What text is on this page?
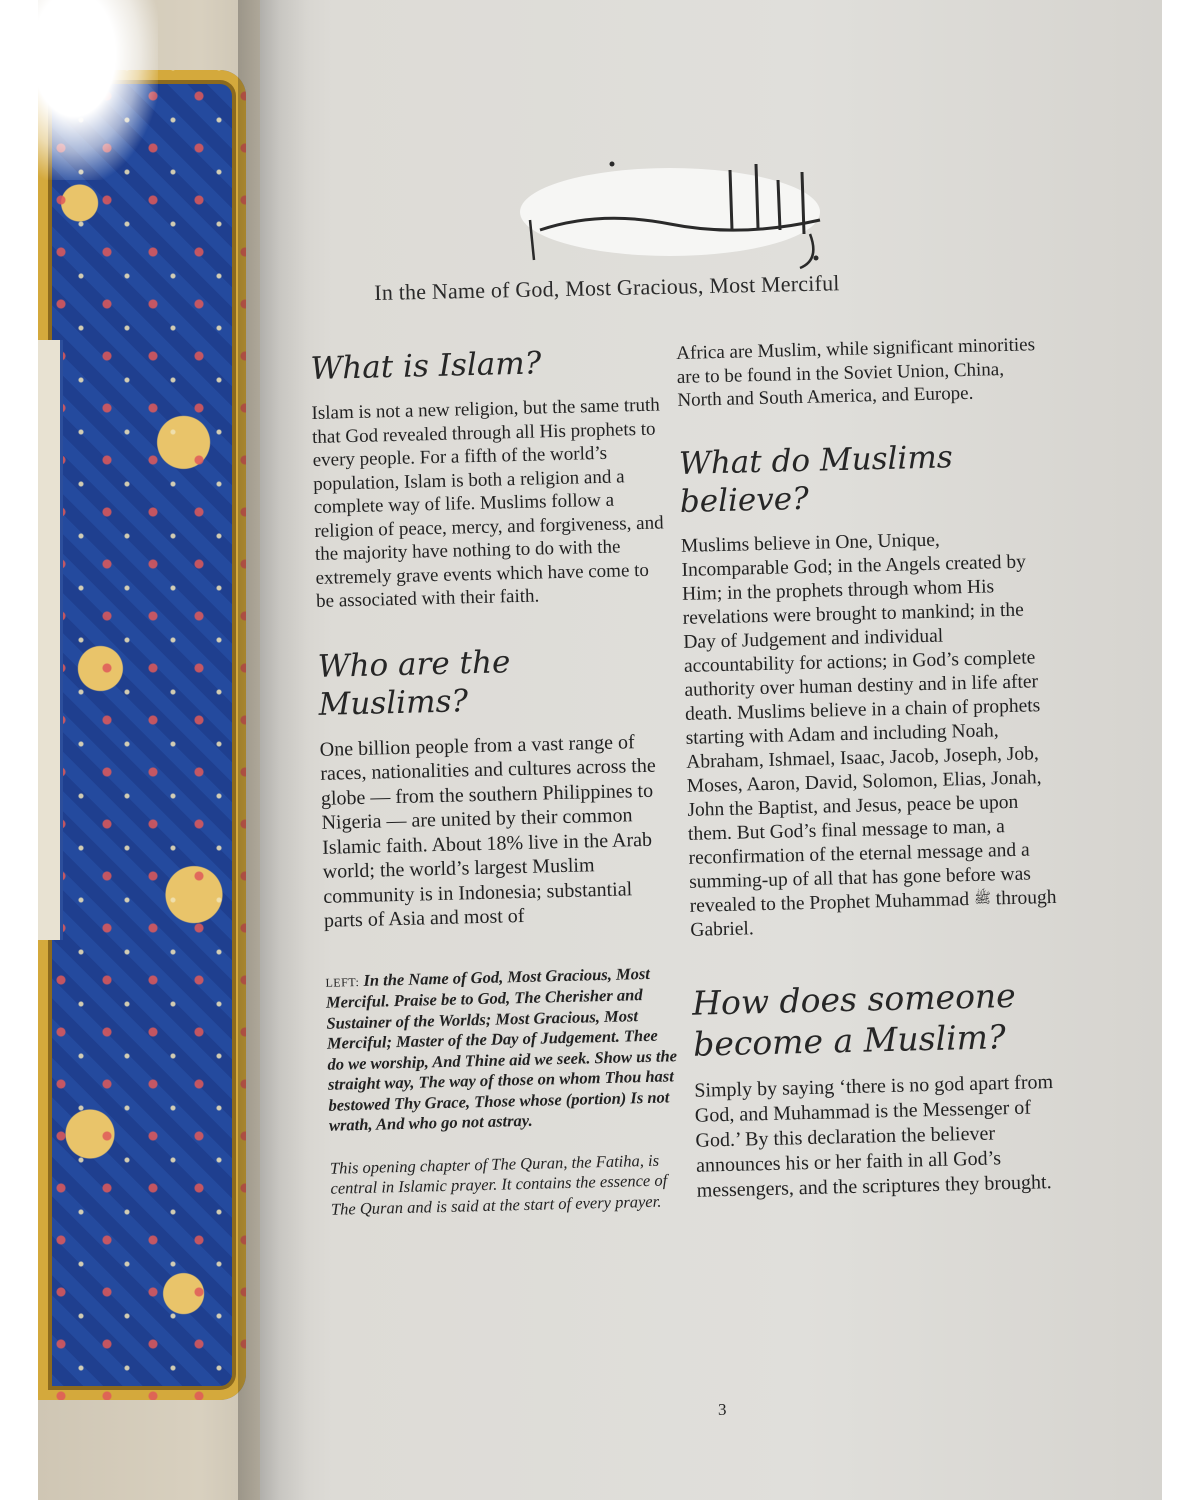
In the Name of God, Most Gracious, Most Merciful
What is Islam?

Islam is not a new religion, but the same truth that God revealed through all His prophets to every people. For a fifth of the world’s population, Islam is both a religion and a complete way of life. Muslims follow a religion of peace, mercy, and forgiveness, and the majority have nothing to do with the extremely grave events which have come to be associated with their faith.

Who are the Muslims?

One billion people from a vast range of races, nationalities and cultures across the globe — from the southern Philippines to Nigeria — are united by their common Islamic faith. About 18% live in the Arab world; the world’s largest Muslim community is in Indonesia; substantial parts of Asia and most of

LEFT: In the Name of God, Most Gracious, Most Merciful. Praise be to God, The Cherisher and Sustainer of the Worlds; Most Gracious, Most Merciful; Master of the Day of Judgement. Thee do we worship, And Thine aid we seek. Show us the straight way, The way of those on whom Thou hast bestowed Thy Grace, Those whose (portion) Is not wrath, And who go not astray.
This opening chapter of The Quran, the Fatiha, is central in Islamic prayer. It contains the essence of The Quran and is said at the start of every prayer.

Africa are Muslim, while significant minorities are to be found in the Soviet Union, China, North and South America, and Europe.

What do Muslims believe?

Muslims believe in One, Unique, Incomparable God; in the Angels created by Him; in the prophets through whom His revelations were brought to mankind; in the Day of Judgement and individual accountability for actions; in God’s complete authority over human destiny and in life after death. Muslims believe in a chain of prophets starting with Adam and including Noah, Abraham, Ishmael, Isaac, Jacob, Joseph, Job, Moses, Aaron, David, Solomon, Elias, Jonah, John the Baptist, and Jesus, peace be upon them. But God’s final message to man, a reconfirmation of the eternal message and a summing-up of all that has gone before was revealed to the Prophet Muhammad ﷺ through Gabriel.

How does someone become a Muslim?

Simply by saying ‘there is no god apart from God, and Muhammad is the Messenger of God.’ By this declaration the believer announces his or her faith in all God’s messengers, and the scriptures they brought.

3
